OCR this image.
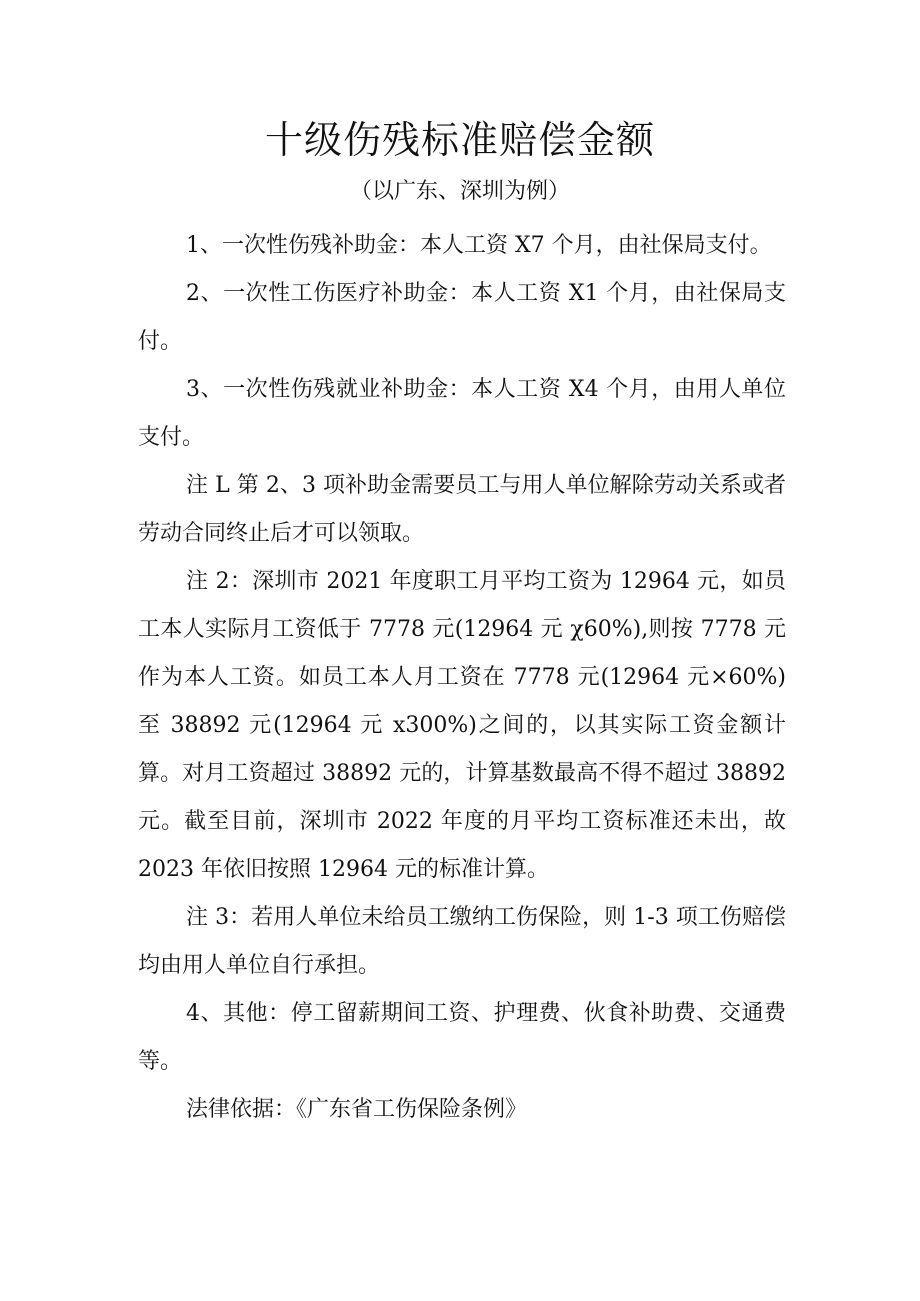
十级伤残标准赔偿金额

（以广东、深圳为例）

1、一次性伤残补助金：本人工资 X7 个月，由社保局支付。

2、一次性工伤医疗补助金：本人工资 X1 个月，由社保局支付。

3、一次性伤残就业补助金：本人工资 X4 个月，由用人单位支付。

注 L 第 2、3 项补助金需要员工与用人单位解除劳动关系或者劳动合同终止后才可以领取。

注 2：深圳市 2021 年度职工月平均工资为 12964 元，如员工本人实际月工资低于 7778 元(12964 元 χ60%),则按 7778 元作为本人工资。如员工本人月工资在 7778 元(12964 元×60%)至 38892 元(12964 元 x300%)之间的，以其实际工资金额计算。对月工资超过 38892 元的，计算基数最高不得不超过 38892 元。截至目前，深圳市 2022 年度的月平均工资标准还未出，故 2023 年依旧按照 12964 元的标准计算。

注 3：若用人单位未给员工缴纳工伤保险，则 1-3 项工伤赔偿均由用人单位自行承担。

4、其他：停工留薪期间工资、护理费、伙食补助费、交通费等。

法律依据：《广东省工伤保险条例》
